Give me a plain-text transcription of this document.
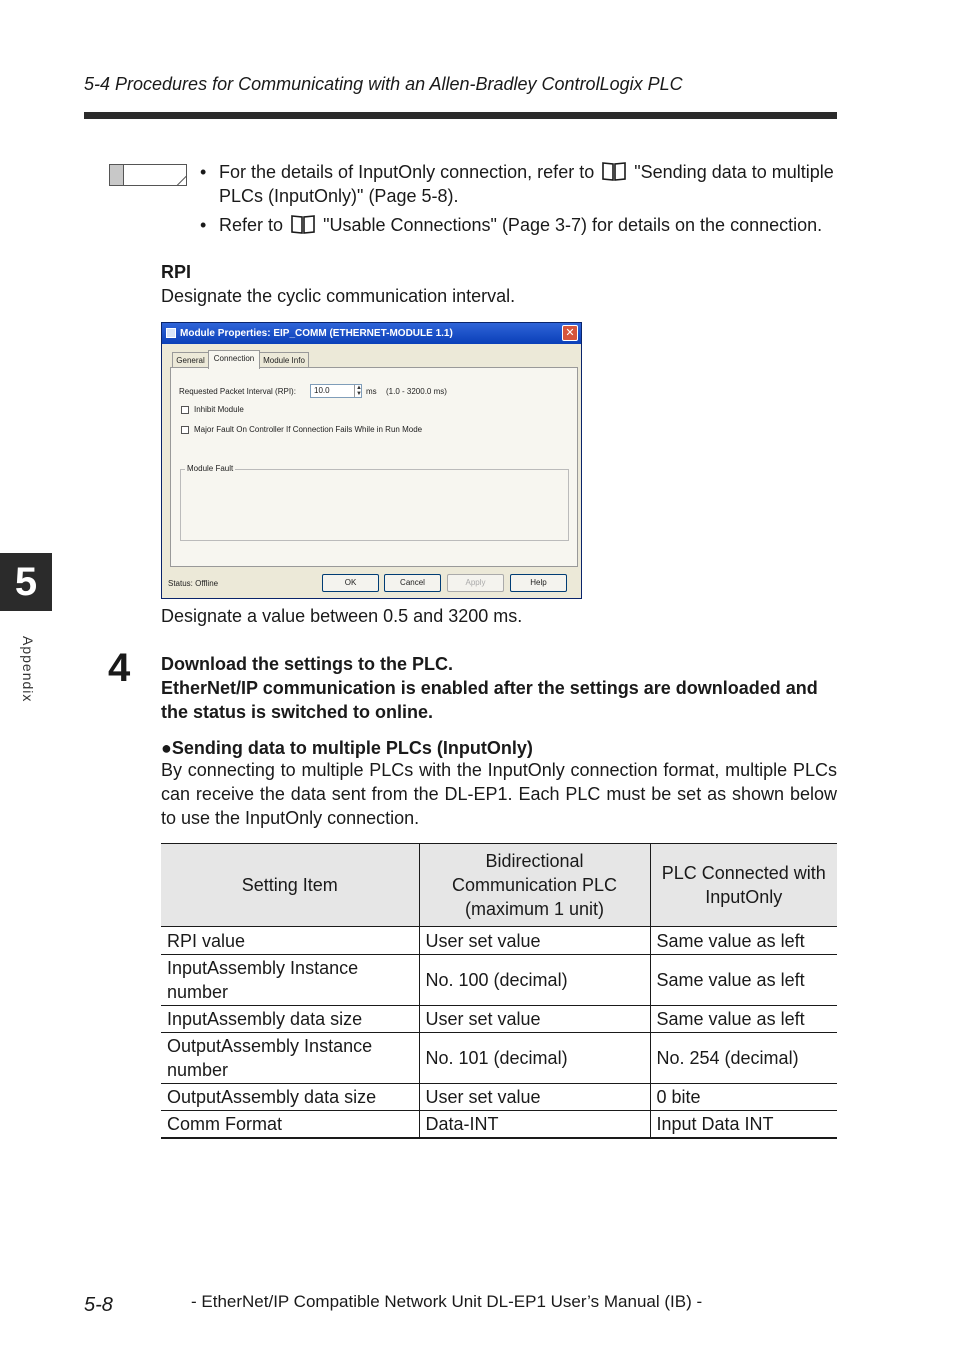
5-4 Procedures for Communicating with an Allen-Bradley ControlLogix PLC
• For the details of InputOnly connection, refer to "Sending data to multiple PLCs (InputOnly)" (Page 5-8).
• Refer to "Usable Connections" (Page 3-7) for details on the connection.
RPI
Designate the cyclic communication interval.
Module Properties: EIP_COMM (ETHERNET-MODULE 1.1)	✕
General	Connection	Module Info
Requested Packet Interval (RPI):	10.0	▲
▼ ms (1.0 - 3200.0 ms)
Inhibit Module
Major Fault On Controller If Connection Fails While in Run Mode
Module Fault
Status: Offline	OK	Cancel	Apply	Help
Designate a value between 0.5 and 3200 ms.
4 Download the settings to the PLC.
EtherNet/IP communication is enabled after the settings are downloaded and the status is switched to online.
●Sending data to multiple PLCs (InputOnly)
By connecting to multiple PLCs with the InputOnly connection format, multiple PLCs can receive the data sent from the DL-EP1. Each PLC must be set as shown below to use the InputOnly connection.
Setting Item	Bidirectional Communication PLC (maximum 1 unit)	PLC Connected with InputOnly
RPI value	User set value	Same value as left
InputAssembly Instance number	No. 100 (decimal)	Same value as left
InputAssembly data size	User set value	Same value as left
OutputAssembly Instance number	No. 101 (decimal)	No. 254 (decimal)
OutputAssembly data size	User set value	0 bite
Comm Format	Data-INT	Input Data INT
5
Appendix
5-8	- EtherNet/IP Compatible Network Unit DL-EP1 User’s Manual (IB) -
